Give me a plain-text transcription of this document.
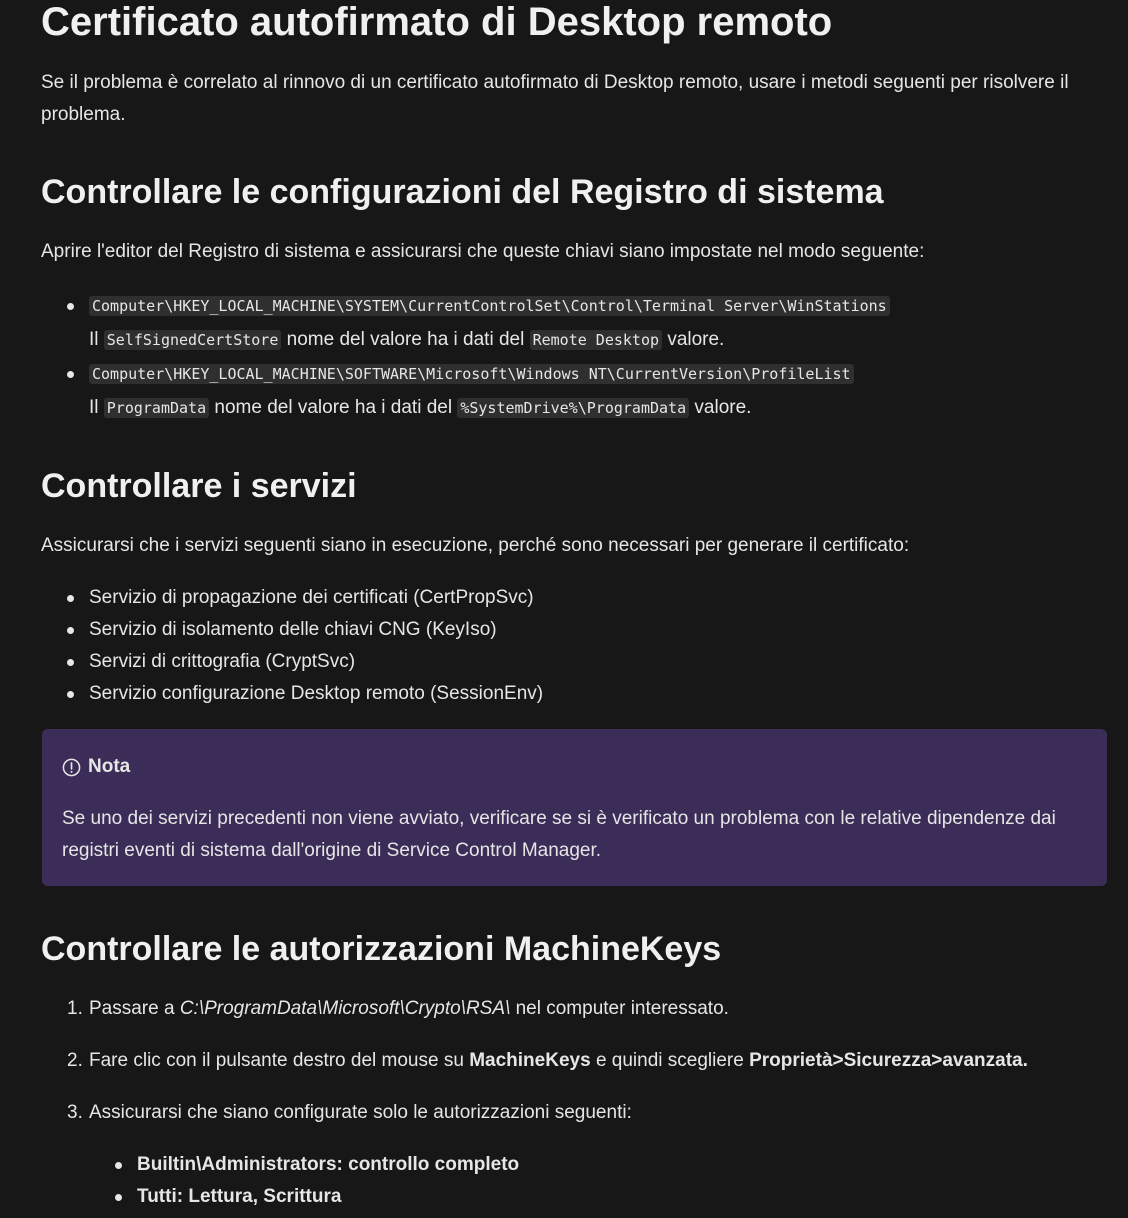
Certificato autofirmato di Desktop remoto

Se il problema è correlato al rinnovo di un certificato autofirmato di Desktop remoto, usare i metodi seguenti per risolvere il problema.

Controllare le configurazioni del Registro di sistema

Aprire l'editor del Registro di sistema e assicurarsi che queste chiavi siano impostate nel modo seguente:

Computer\HKEY_LOCAL_MACHINE\SYSTEM\CurrentControlSet\Control\Terminal Server\WinStations
Il SelfSignedCertStore nome del valore ha i dati del Remote Desktop valore.
Computer\HKEY_LOCAL_MACHINE\SOFTWARE\Microsoft\Windows NT\CurrentVersion\ProfileList
Il ProgramData nome del valore ha i dati del %SystemDrive%\ProgramData valore.
Controllare i servizi

Assicurarsi che i servizi seguenti siano in esecuzione, perché sono necessari per generare il certificato:

Servizio di propagazione dei certificati (CertPropSvc)
Servizio di isolamento delle chiavi CNG (KeyIso)
Servizi di crittografia (CryptSvc)
Servizio configurazione Desktop remoto (SessionEnv)
Nota
Se uno dei servizi precedenti non viene avviato, verificare se si è verificato un problema con le relative dipendenze dai registri eventi di sistema dall'origine di Service Control Manager.
Controllare le autorizzazioni MachineKeys
1. Passare a C:\ProgramData\Microsoft\Crypto\RSA\ nel computer interessato.
2. Fare clic con il pulsante destro del mouse su MachineKeys e quindi scegliere Proprietà>Sicurezza>avanzata.
3. Assicurarsi che siano configurate solo le autorizzazioni seguenti:
Builtin\Administrators: controllo completo
Tutti: Lettura, Scrittura
